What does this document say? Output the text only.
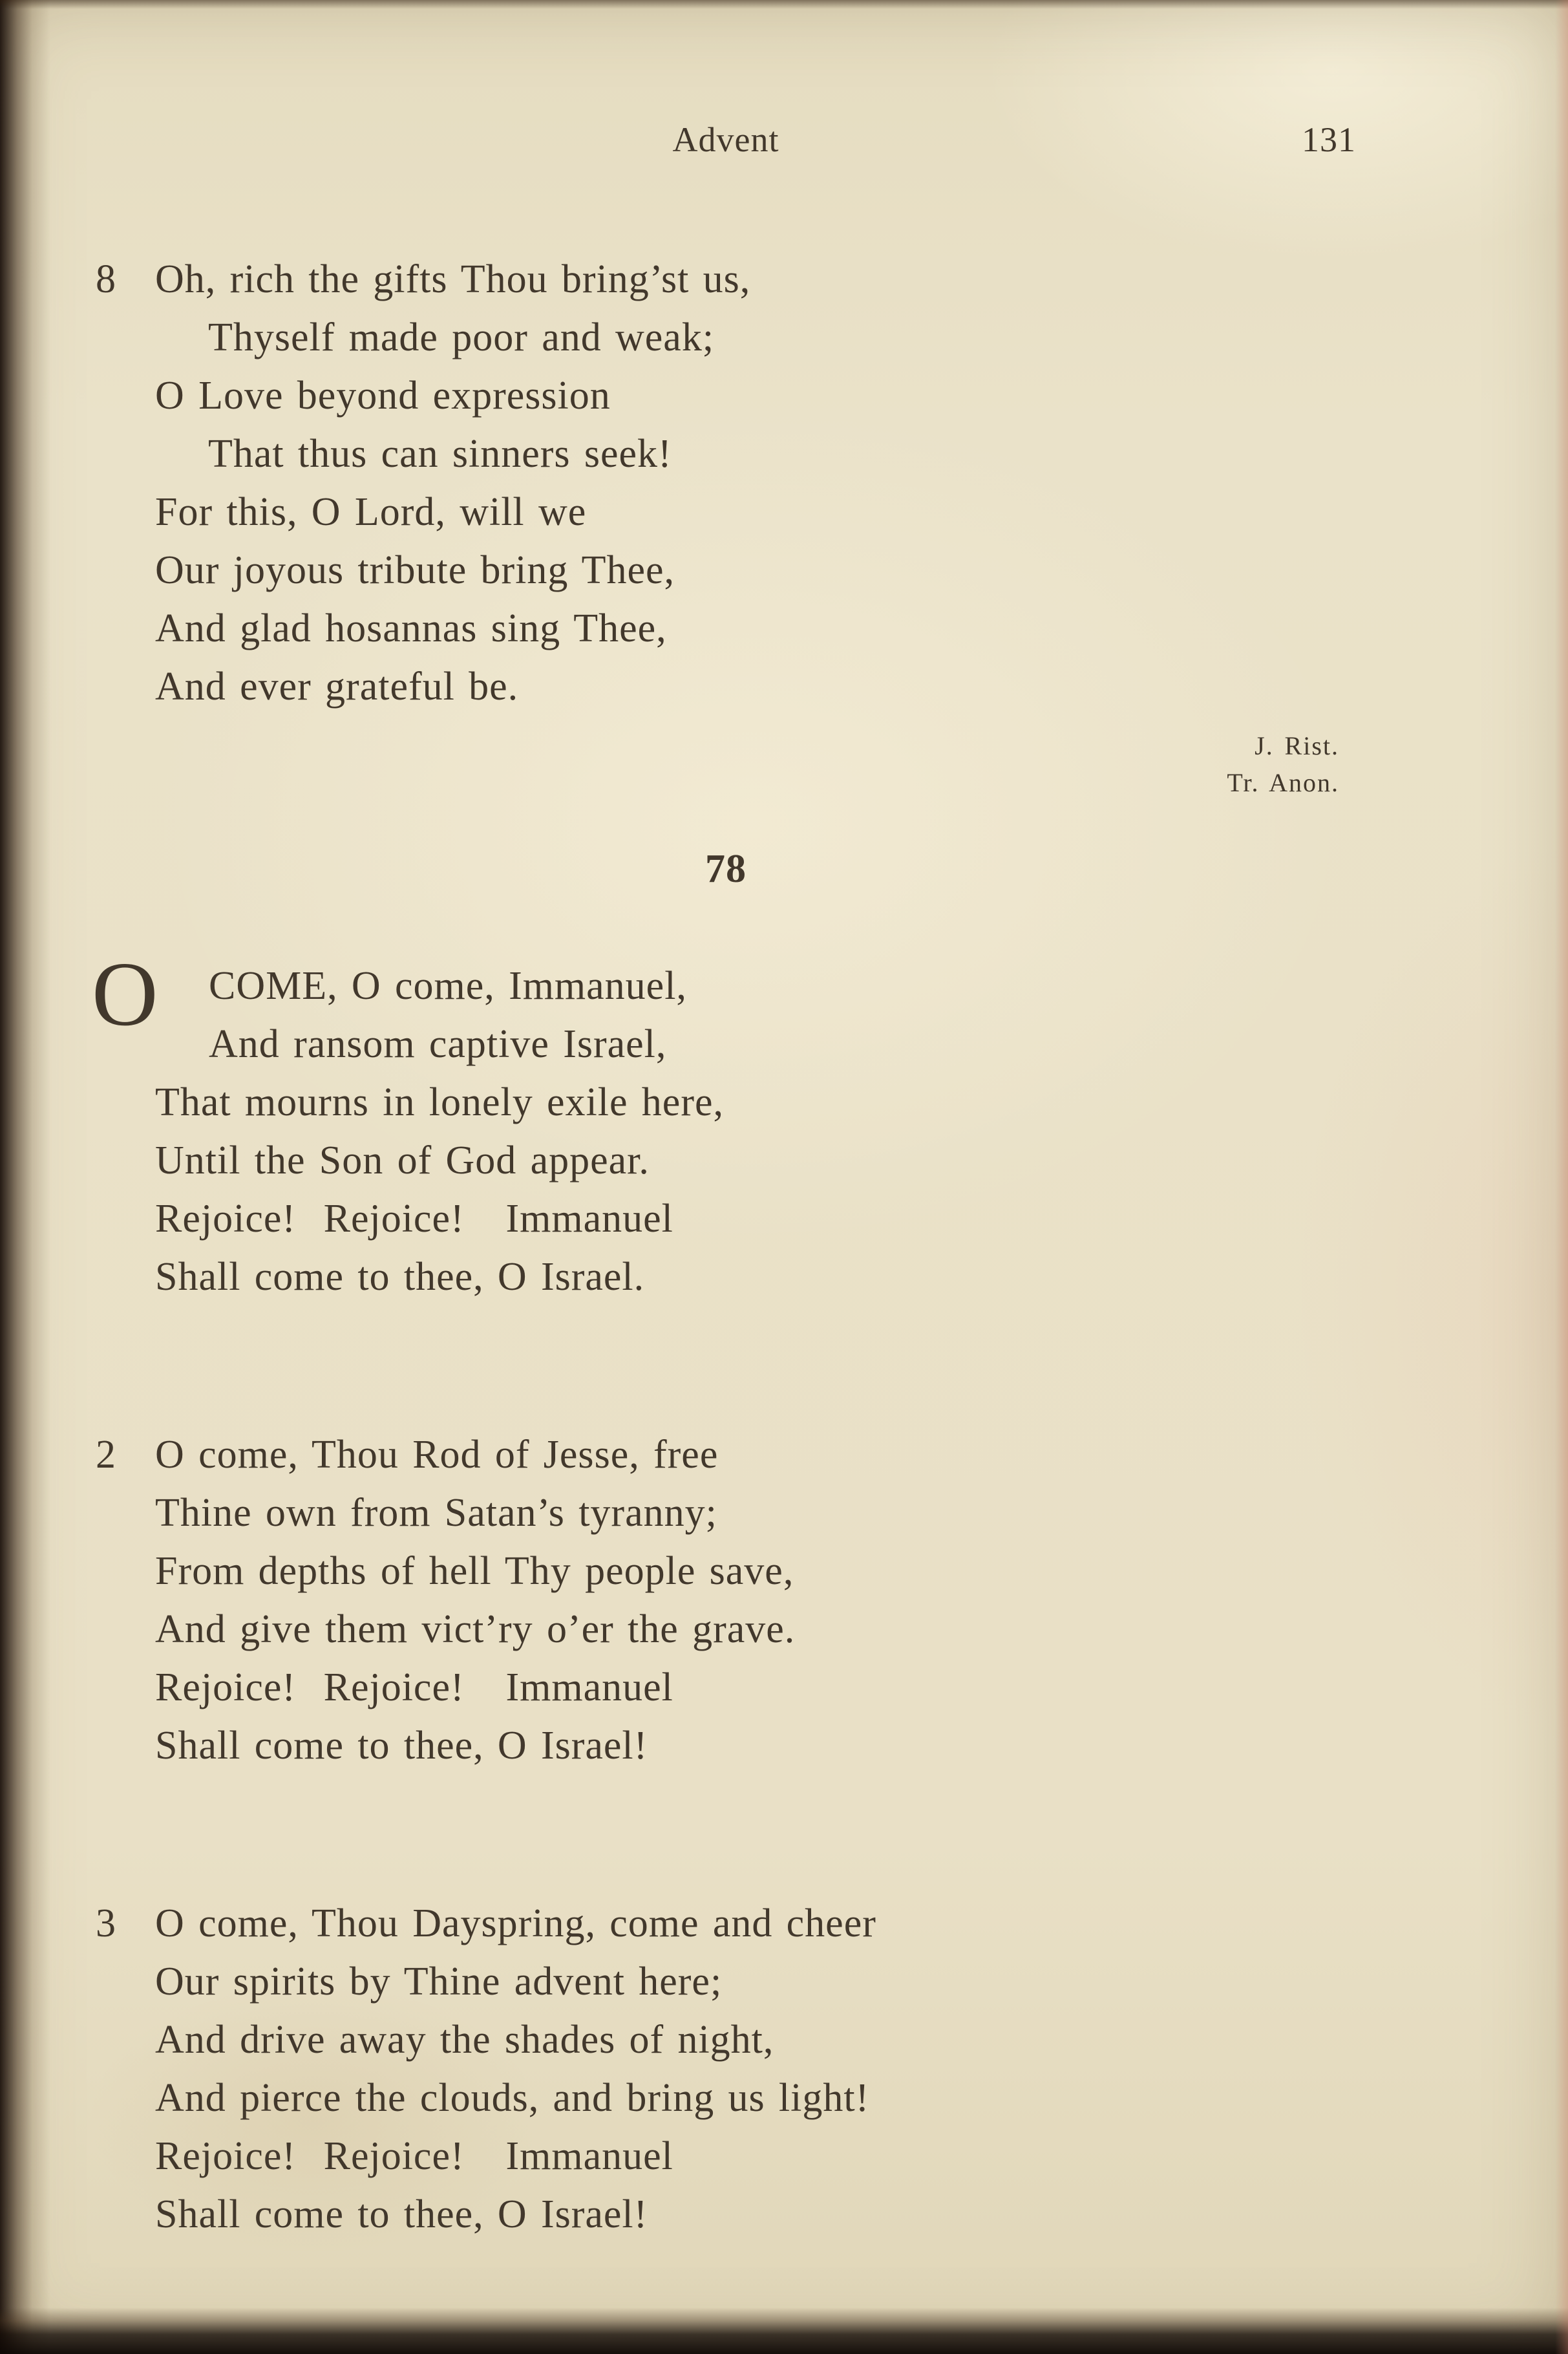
Advent	131
8 Oh, rich the gifts Thou bring’st us,
Thyself made poor and weak;
O Love beyond expression
That thus can sinners seek!
For this, O Lord, will we
Our joyous tribute bring Thee,
And glad hosannas sing Thee,
And ever grateful be.
J. Rist.
Tr. Anon.
78
O	COME, O come, Immanuel,
And ransom captive Israel,
That mourns in lonely exile here,
Until the Son of God appear.
Rejoice!  Rejoice!   Immanuel
Shall come to thee, O Israel.
2 O come, Thou Rod of Jesse, free
Thine own from Satan’s tyranny;
From depths of hell Thy people save,
And give them vict’ry o’er the grave.
Rejoice!  Rejoice!   Immanuel
Shall come to thee, O Israel!
3 O come, Thou Dayspring, come and cheer
Our spirits by Thine advent here;
And drive away the shades of night,
And pierce the clouds, and bring us light!
Rejoice!  Rejoice!   Immanuel
Shall come to thee, O Israel!
